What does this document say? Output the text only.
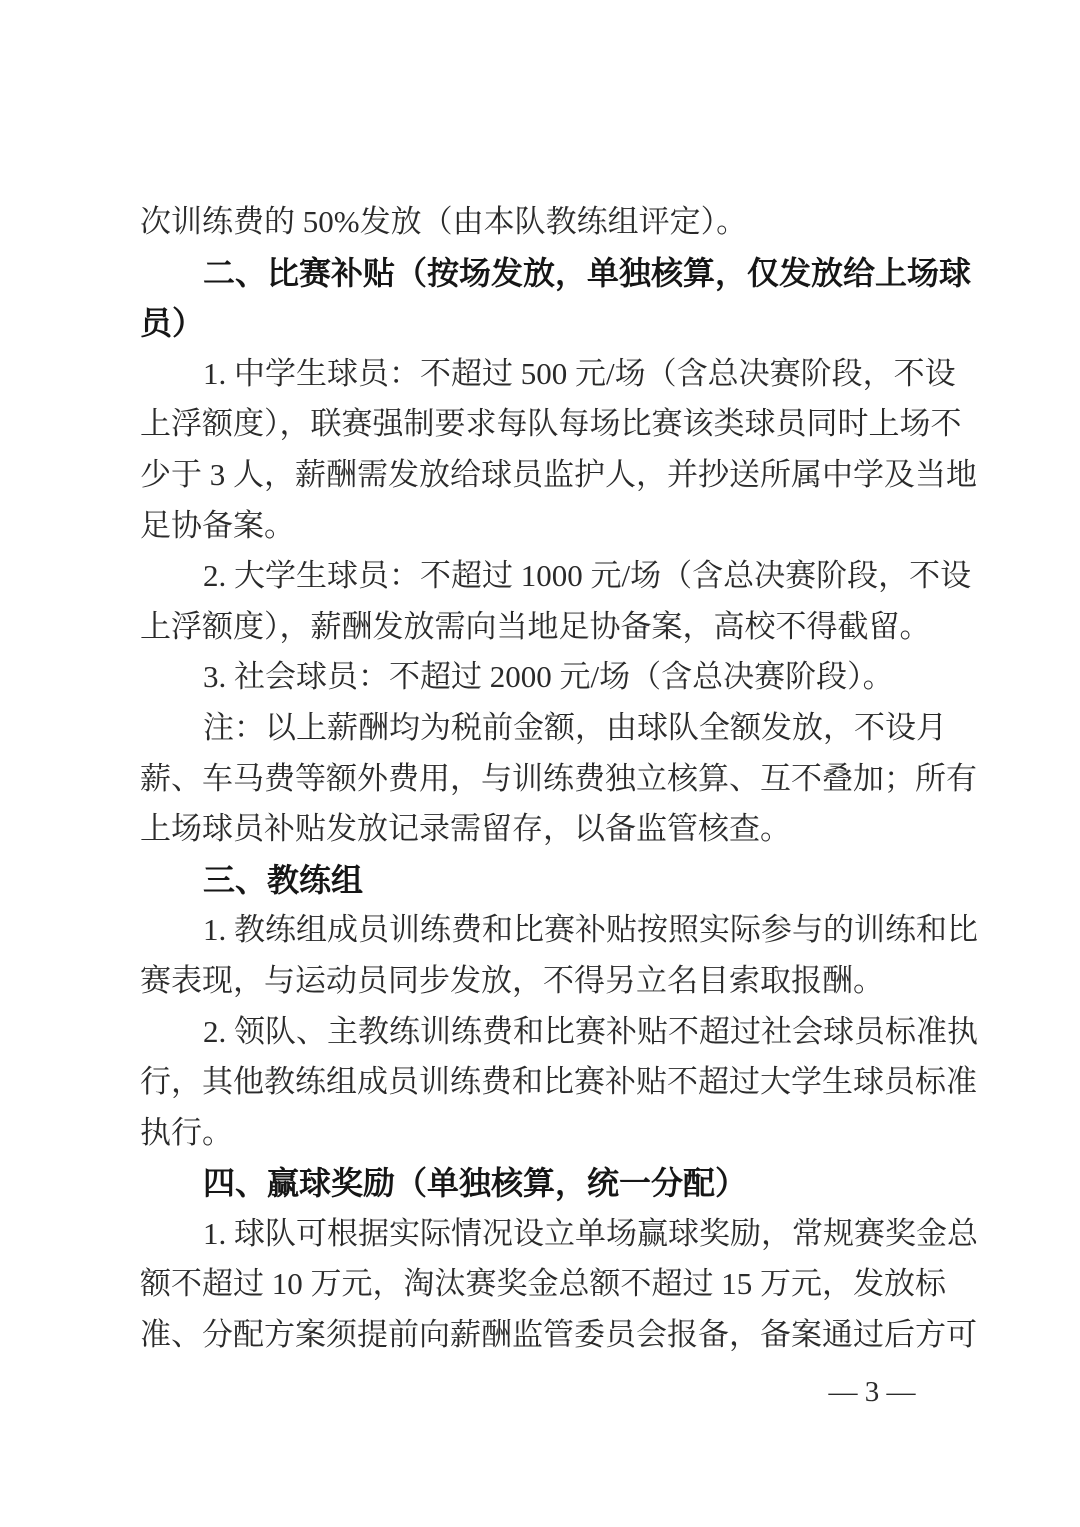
次训练费的 50%发放（由本队教练组评定）。
二、比赛补贴（按场发放，单独核算，仅发放给上场球
员）
1. 中学生球员：不超过 500 元/场（含总决赛阶段，不设
上浮额度），联赛强制要求每队每场比赛该类球员同时上场不
少于 3 人，薪酬需发放给球员监护人，并抄送所属中学及当地
足协备案。
2. 大学生球员：不超过 1000 元/场（含总决赛阶段，不设
上浮额度），薪酬发放需向当地足协备案，高校不得截留。
3. 社会球员：不超过 2000 元/场（含总决赛阶段）。
注：以上薪酬均为税前金额，由球队全额发放，不设月
薪、车马费等额外费用，与训练费独立核算、互不叠加；所有
上场球员补贴发放记录需留存，以备监管核查。
三、教练组
1. 教练组成员训练费和比赛补贴按照实际参与的训练和比
赛表现，与运动员同步发放，不得另立名目索取报酬。
2. 领队、主教练训练费和比赛补贴不超过社会球员标准执
行，其他教练组成员训练费和比赛补贴不超过大学生球员标准
执行。
四、赢球奖励（单独核算，统一分配）
1. 球队可根据实际情况设立单场赢球奖励，常规赛奖金总
额不超过 10 万元，淘汰赛奖金总额不超过 15 万元，发放标
准、分配方案须提前向薪酬监管委员会报备，备案通过后方可
— 3 —
